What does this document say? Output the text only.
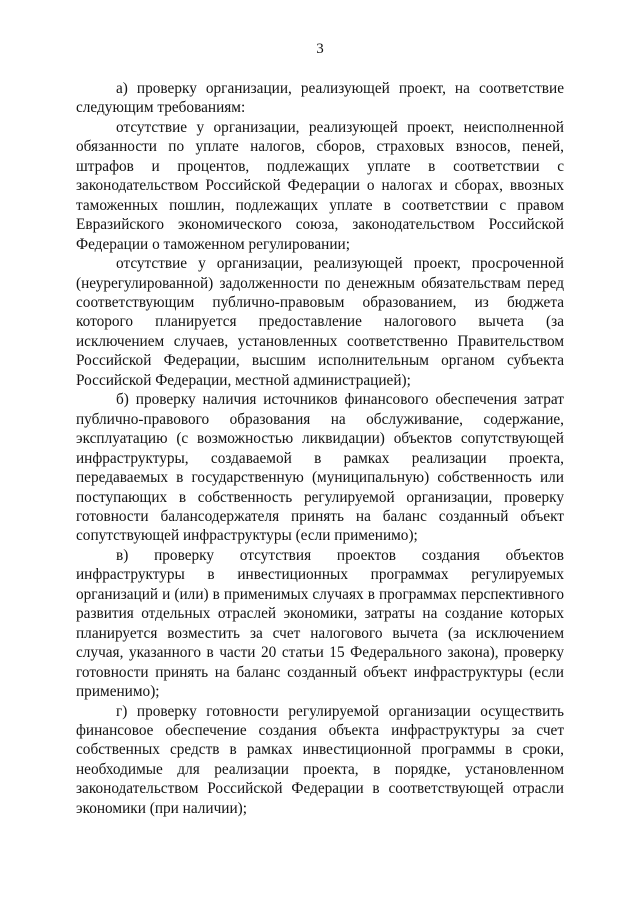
3

а) проверку организации, реализующей проект, на соответствие следующим требованиям:

отсутствие у организации, реализующей проект, неисполненной обязанности по уплате налогов, сборов, страховых взносов, пеней, штрафов и процентов, подлежащих уплате в соответствии с законодательством Российской Федерации о налогах и сборах, ввозных таможенных пошлин, подлежащих уплате в соответствии с правом Евразийского экономического союза, законодательством Российской Федерации о таможенном регулировании;

отсутствие у организации, реализующей проект, просроченной (неурегулированной) задолженности по денежным обязательствам перед соответствующим публично-правовым образованием, из бюджета которого планируется предоставление налогового вычета (за исключением случаев, установленных соответственно Правительством Российской Федерации, высшим исполнительным органом субъекта Российской Федерации, местной администрацией);

б) проверку наличия источников финансового обеспечения затрат публично-правового образования на обслуживание, содержание, эксплуатацию (с возможностью ликвидации) объектов сопутствующей инфраструктуры, создаваемой в рамках реализации проекта, передаваемых в государственную (муниципальную) собственность или поступающих в собственность регулируемой организации, проверку готовности балансодержателя принять на баланс созданный объект сопутствующей инфраструктуры (если применимо);

в) проверку отсутствия проектов создания объектов инфраструктуры в инвестиционных программах регулируемых организаций и (или) в применимых случаях в программах перспективного развития отдельных отраслей экономики, затраты на создание которых планируется возместить за счет налогового вычета (за исключением случая, указанного в части 20 статьи 15 Федерального закона), проверку готовности принять на баланс созданный объект инфраструктуры (если применимо);

г) проверку готовности регулируемой организации осуществить финансовое обеспечение создания объекта инфраструктуры за счет собственных средств в рамках инвестиционной программы в сроки, необходимые для реализации проекта, в порядке, установленном законодательством Российской Федерации в соответствующей отрасли экономики (при наличии);
